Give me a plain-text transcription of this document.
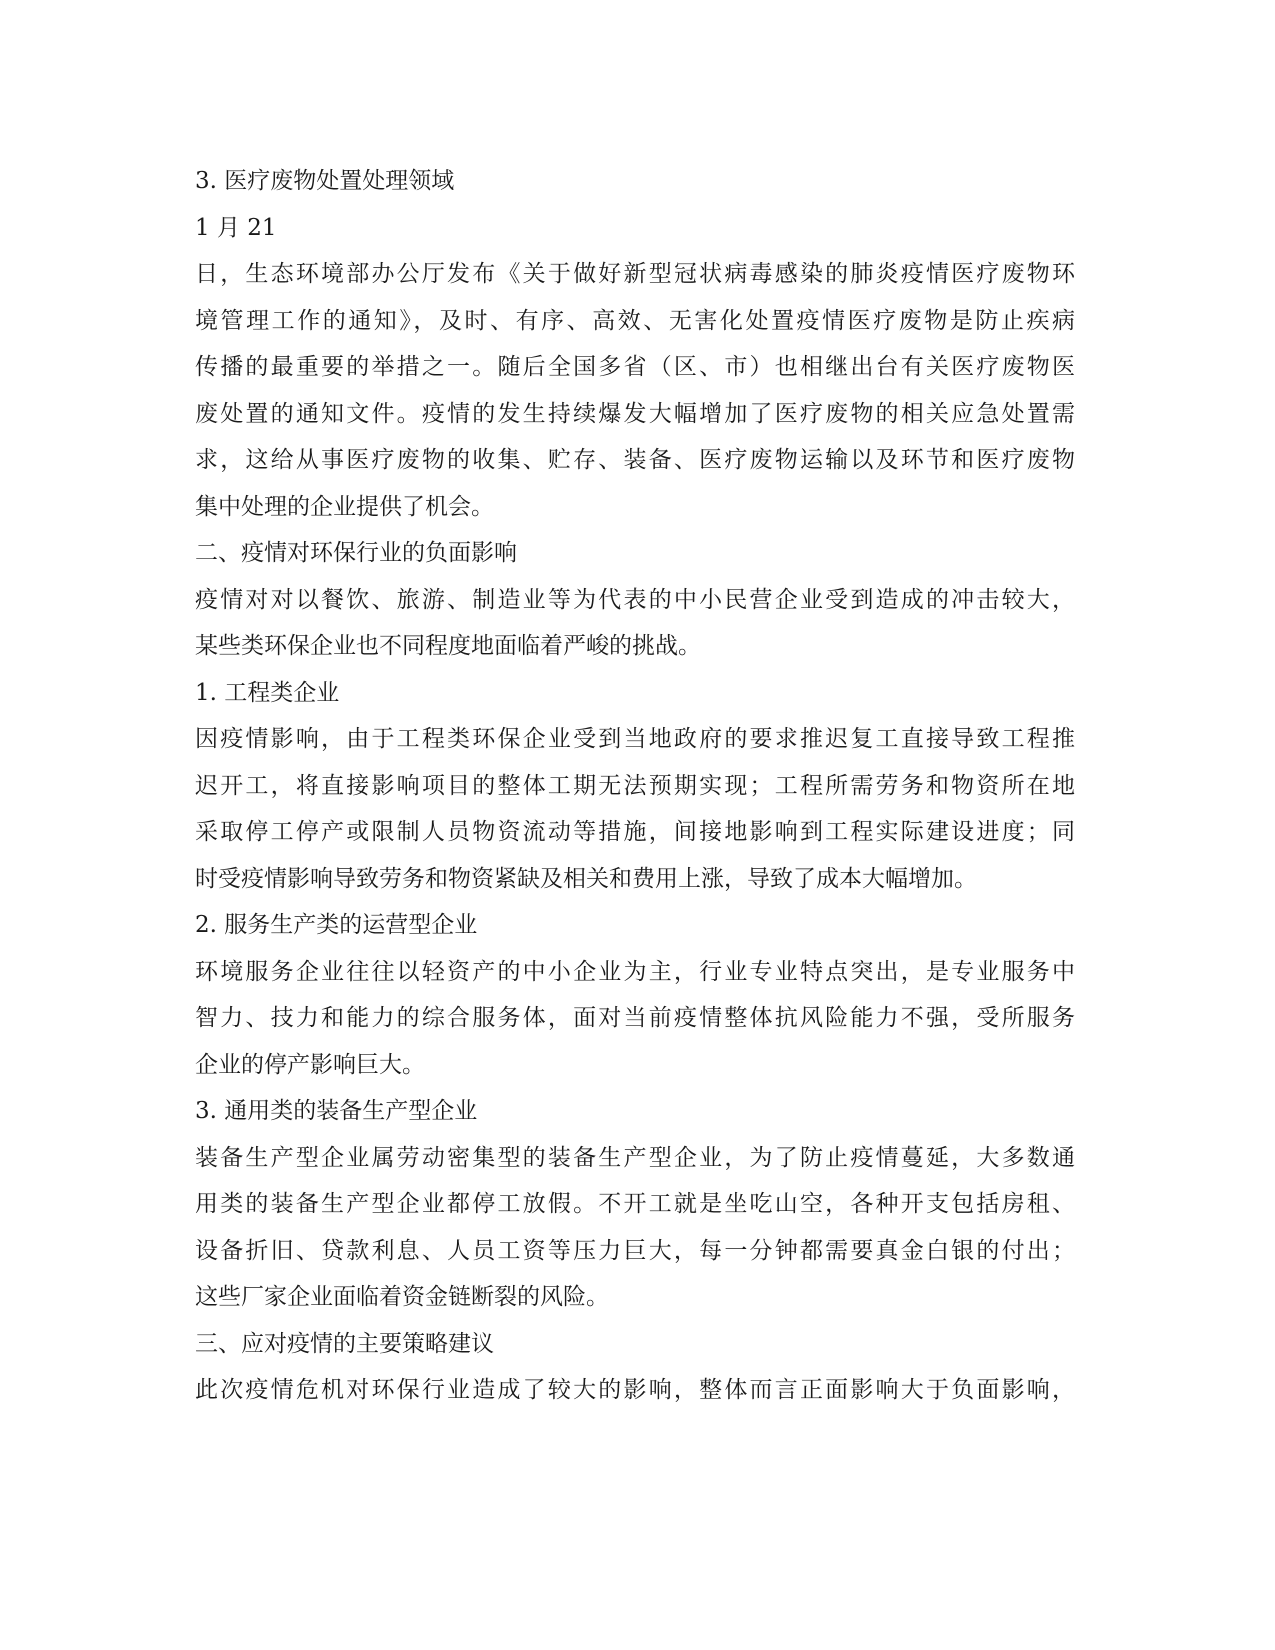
3. 医疗废物处置处理领域
1 月 21
日，生态环境部办公厅发布《关于做好新型冠状病毒感染的肺炎疫情医疗废物环
境管理工作的通知》，及时、有序、高效、无害化处置疫情医疗废物是防止疾病
传播的最重要的举措之一。随后全国多省（区、市）也相继出台有关医疗废物医
废处置的通知文件。疫情的发生持续爆发大幅增加了医疗废物的相关应急处置需
求，这给从事医疗废物的收集、贮存、装备、医疗废物运输以及环节和医疗废物
集中处理的企业提供了机会。
二、疫情对环保行业的负面影响
疫情对对以餐饮、旅游、制造业等为代表的中小民营企业受到造成的冲击较大，
某些类环保企业也不同程度地面临着严峻的挑战。
1. 工程类企业
因疫情影响，由于工程类环保企业受到当地政府的要求推迟复工直接导致工程推
迟开工，将直接影响项目的整体工期无法预期实现；工程所需劳务和物资所在地
采取停工停产或限制人员物资流动等措施，间接地影响到工程实际建设进度；同
时受疫情影响导致劳务和物资紧缺及相关和费用上涨，导致了成本大幅增加。
2. 服务生产类的运营型企业
环境服务企业往往以轻资产的中小企业为主，行业专业特点突出，是专业服务中
智力、技力和能力的综合服务体，面对当前疫情整体抗风险能力不强，受所服务
企业的停产影响巨大。
3. 通用类的装备生产型企业
装备生产型企业属劳动密集型的装备生产型企业，为了防止疫情蔓延，大多数通
用类的装备生产型企业都停工放假。不开工就是坐吃山空，各种开支包括房租、
设备折旧、贷款利息、人员工资等压力巨大，每一分钟都需要真金白银的付出；
这些厂家企业面临着资金链断裂的风险。
三、应对疫情的主要策略建议
此次疫情危机对环保行业造成了较大的影响，整体而言正面影响大于负面影响，
